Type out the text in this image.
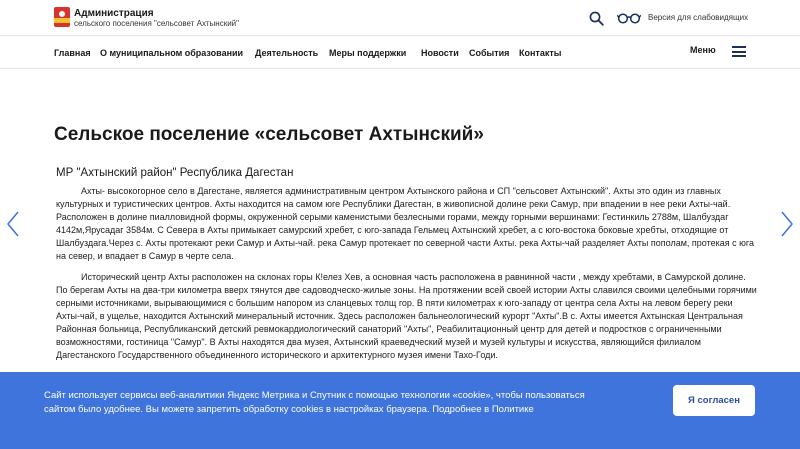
Администрация
сельского поселения "сельсовет Ахтынский"
Версия для слабовидящих
Главная О муниципальном образовании Деятельность Меры поддержки Новости События Контакты	Меню
Сельское поселение «сельсовет Ахтынский»
МР "Ахтынский район" Республика Дагестан

Ахты- высокогорное село в Дагестане, является административным центром Ахтынского района и СП "сельсовет Ахтынский". Ахты это один из главных культурных и туристических центров. Ахты находится на самом юге Республики Дагестан, в живописной долине реки Самур, при впадении в нее реки Ахты-чай. Расположен в долине пиалловидной формы, окруженной серыми каменистыми безлесными горами, между горными вершинами: Гестинкиль 2788м, Шалбуздаг 4142м,Ярусадаг 3584м. С Севера в Ахты примыкает самурский хребет, с юго-запада Гельмец Ахтынский хребет, а с юго-востока боковые хребты, отходящие от Шалбуздага.Через с. Ахты протекают реки Самур и Ахты-чай. река Самур протекает по северной части Ахты. река Ахты-чай разделяет Ахты пополам, протекая с юга на север, и впадает в Самур в черте села.

Исторический центр Ахты расположен на склонах горы К!елез Хев, а основная часть расположена в равнинной части , между хребтами, в Самурской долине. По берегам Ахты на два-три километра вверх тянутся две садоводческо-жилые зоны. На протяжении всей своей истории Ахты славился своими целебными горячими серными источниками, вырывающимися с большим напором из сланцевых толщ гор. В пяти километрах к юго-западу от центра села Ахты на левом берегу реки Ахты-чай, в ущелье, находится Ахтынский минеральный источник. Здесь расположен бальнеологический курорт "Ахты".В с. Ахты имеется Ахтынская Центральная Районная больница, Республиканский детский ревмокардиологический санаторий "Ахты", Реабилитационный центр для детей и подростков с ограниченными возможностями, гостиница "Самур". В Ахты находятся два музея, Ахтынский краеведческий музей и музей культуры и искусства, являющийся филиалом Дагестанского Государственного объединенного исторического и архитектурного музея имени Тахо-Годи.

Сайт использует сервисы веб-аналитики Яндекс Метрика и Спутник с помощью технологии «cookie», чтобы пользоваться сайтом было удобнее. Вы можете запретить обработку cookies в настройках браузера. Подробнее в Политике
Я согласен
